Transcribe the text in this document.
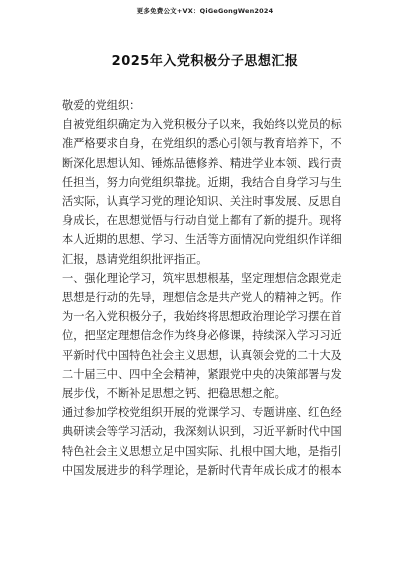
更多免费公文+VX：QiGeGongWen2024
2025年入党积极分子思想汇报
敬爱的党组织：
自被党组织确定为入党积极分子以来，我始终以党员的标
准严格要求自身，在党组织的悉心引领与教育培养下，不
断深化思想认知、锤炼品德修养、精进学业本领、践行责
任担当，努力向党组织靠拢。近期，我结合自身学习与生
活实际，认真学习党的理论知识、关注时事发展、反思自
身成长，在思想觉悟与行动自觉上都有了新的提升。现将
本人近期的思想、学习、生活等方面情况向党组织作详细
汇报，恳请党组织批评指正。
一、强化理论学习，筑牢思想根基，坚定理想信念跟党走
思想是行动的先导，理想信念是共产党人的精神之钙。作
为一名入党积极分子，我始终将思想政治理论学习摆在首
位，把坚定理想信念作为终身必修课，持续深入学习习近
平新时代中国特色社会主义思想，认真领会党的二十大及
二十届三中、四中全会精神，紧跟党中央的决策部署与发
展步伐，不断补足思想之钙、把稳思想之舵。
通过参加学校党组织开展的党课学习、专题讲座、红色经
典研读会等学习活动，我深刻认识到，习近平新时代中国
特色社会主义思想立足中国实际、扎根中国大地，是指引
中国发展进步的科学理论，是新时代青年成长成才的根本
